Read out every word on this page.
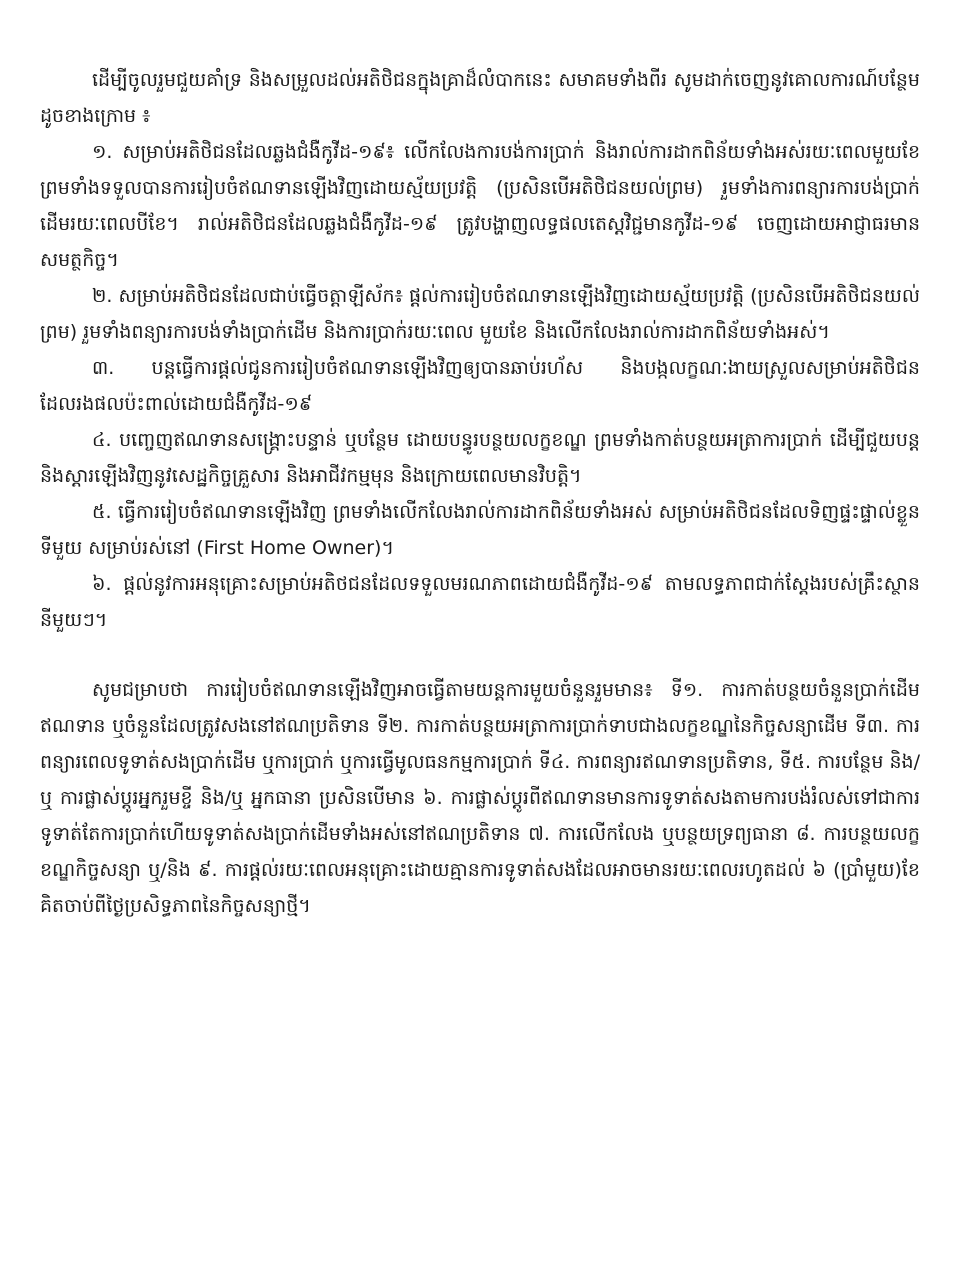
ដើម្បីចូលរួមជួយគាំទ្រ និងសម្រួលដល់អតិថិជនក្នុងគ្រាដ៏លំបាកនេះ សមាគមទាំងពីរ សូមដាក់ចេញនូវគោលការណ៍បន្ថែមដូចខាងក្រោម ៖

១. សម្រាប់អតិថិជនដែលឆ្លងជំងឺកូវីដ-១៩៖ លើកលែងការបង់ការប្រាក់ និងរាល់ការដាកពិន័យទាំងអស់រយៈពេលមួយខែ ព្រមទាំងទទួលបានការរៀបចំឥណទានឡើងវិញដោយស្ម័យប្រវត្តិ (ប្រសិនបើអតិថិជនយល់ព្រម) រួមទាំងការពន្យារការបង់ប្រាក់ដើមរយៈពេលបីខែ។ រាល់អតិថិជនដែលឆ្លងជំងឺកូវីដ-១៩ ត្រូវបង្ហាញលទ្ធផលតេស្តវិជ្ជមានកូវីដ-១៩ ចេញដោយអាជ្ញាធរមានសមត្ថកិច្ច។

២. សម្រាប់អតិថិជនដែលជាប់ធ្វើចត្តាឡីស័ក៖ ផ្តល់ការរៀបចំឥណទានឡើងវិញដោយស្ម័យប្រវត្តិ (ប្រសិនបើអតិថិជនយល់ព្រម) រួមទាំងពន្យារការបង់ទាំងប្រាក់ដើម និងការប្រាក់រយៈពេល មួយខែ និងលើកលែងរាល់ការដាកពិន័យទាំងអស់។

៣. បន្តធ្វើការផ្តល់ជូនការរៀបចំឥណទានឡើងវិញឲ្យបានឆាប់រហ័ស និងបង្កលក្ខណៈងាយស្រួលសម្រាប់អតិថិជនដែលរងផលប៉ះពាល់ដោយជំងឺកូវីដ-១៩

៤. បញ្ចេញឥណទានសង្គ្រោះបន្ទាន់ ឬបន្ថែម ដោយបន្ធូរបន្ថយលក្ខខណ្ឌ ព្រមទាំងកាត់បន្ថយអត្រាការប្រាក់ ដើម្បីជួយបន្ត និងស្តារឡើងវិញនូវសេដ្ឋកិច្ចគ្រួសារ និងអាជីវកម្មមុន និងក្រោយពេលមានវិបត្តិ។

៥. ធ្វើការរៀបចំឥណទានឡើងវិញ ព្រមទាំងលើកលែងរាល់ការដាកពិន័យទាំងអស់ សម្រាប់អតិថិជនដែលទិញផ្ទះផ្ទាល់ខ្លួនទីមួយ សម្រាប់រស់នៅ (First Home Owner)។

៦. ផ្តល់នូវការអនុគ្រោះសម្រាប់អតិថជនដែលទទួលមរណភាពដោយជំងឺកូវីដ-១៩ តាមលទ្ធភាពជាក់ស្តែងរបស់គ្រឹះស្ថាននីមួយៗ។

សូមជម្រាបថា ការរៀបចំឥណទានឡើងវិញអាចធ្វើតាមយន្តការមួយចំនួនរួមមាន៖ ទី១. ការកាត់បន្ថយចំនួនប្រាក់ដើមឥណទាន ឬចំនួនដែលត្រូវសងនៅឥណប្រតិទាន ទី២. ការកាត់បន្ថយអត្រាការប្រាក់ទាបជាងលក្ខខណ្ឌនៃកិច្ចសន្យាដើម ទី៣. ការពន្យារពេលទូទាត់សងប្រាក់ដើម ឬការប្រាក់ ឬការធ្វើមូលធនកម្មការប្រាក់ ទី៤. ការពន្យារឥណទានប្រតិទាន, ទី៥. ការបន្ថែម និង/ឬ ការផ្លាស់ប្តូរអ្នករួមខ្ចី និង/ឬ អ្នកធានា ប្រសិនបើមាន ៦. ការផ្លាស់ប្តូរពីឥណទានមានការទូទាត់សងតាមការបង់រំលស់ទៅជាការទូទាត់តែការប្រាក់ហើយទូទាត់សងប្រាក់ដើមទាំងអស់នៅឥណប្រតិទាន ៧. ការលើកលែង ឬបន្ថយទ្រព្យធានា ៨. ការបន្ថយលក្ខខណ្ឌកិច្ចសន្យា ឬ/និង ៩. ការផ្តល់រយៈពេលអនុគ្រោះដោយគ្មានការទូទាត់សងដែលអាចមានរយៈពេលរហូតដល់ ៦ (ប្រាំមួយ)ខែ គិតចាប់ពីថ្ងៃប្រសិទ្ធភាពនៃកិច្ចសន្យាថ្មី។
